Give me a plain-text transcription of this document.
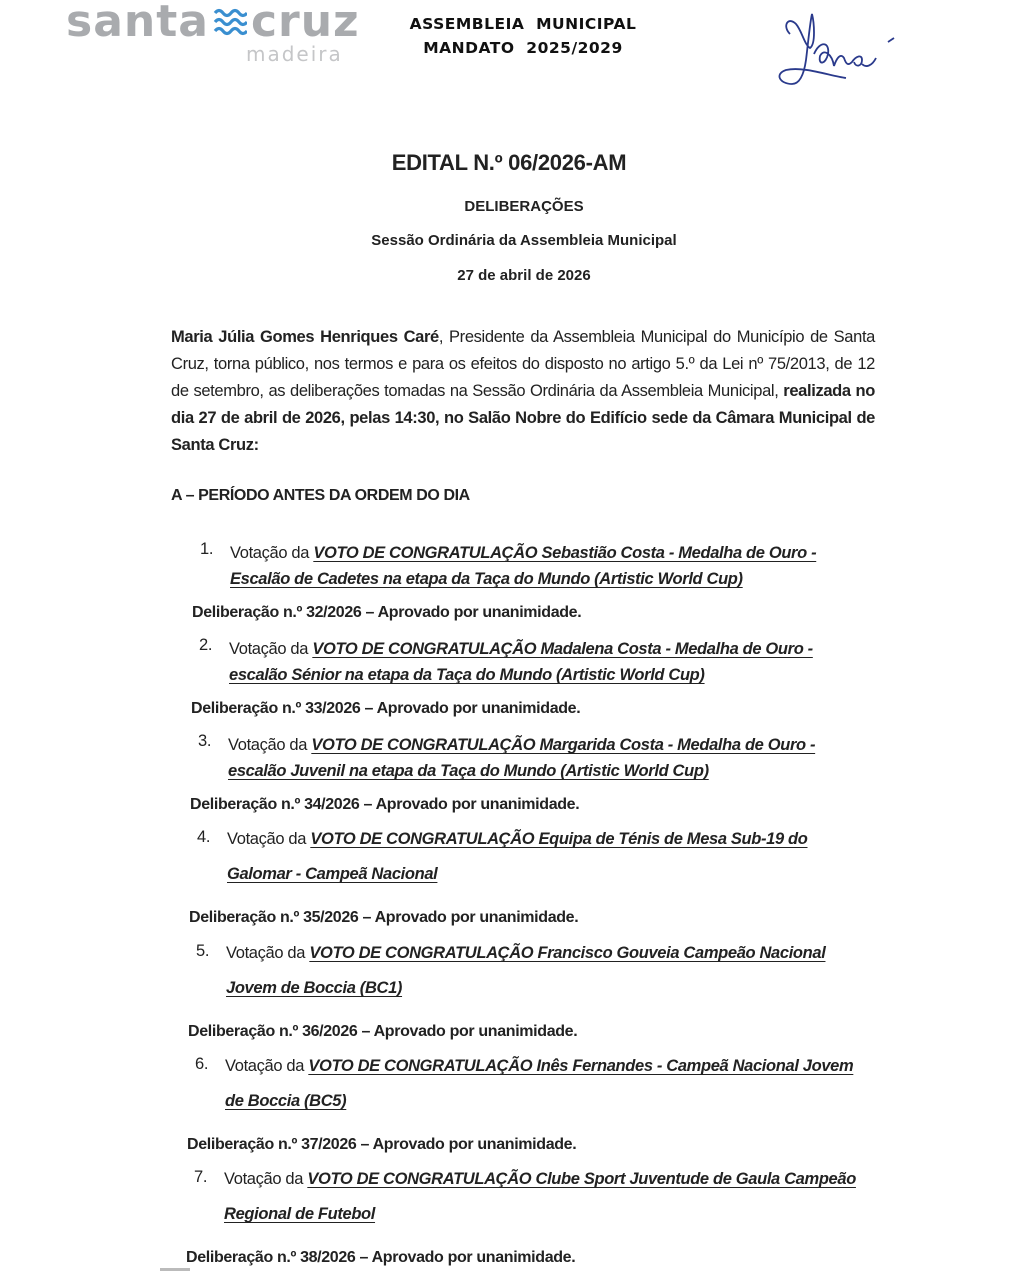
santa cruz
madeira
ASSEMBLEIA  MUNICIPAL
MANDATO  2025/2029
EDITAL N.º 06/2026-AM
DELIBERAÇÕES
Sessão Ordinária da Assembleia Municipal
27 de abril de 2026
Maria Júlia Gomes Henriques Caré, Presidente da Assembleia Municipal do Município de Santa Cruz, torna público, nos termos e para os efeitos do disposto no artigo 5.º da Lei nº 75/2013, de 12 de setembro, as deliberações tomadas na Sessão Ordinária da Assembleia Municipal, realizada no dia 27 de abril de 2026, pelas 14:30, no Salão Nobre do Edifício sede da Câmara Municipal de Santa Cruz:
A – PERÍODO ANTES DA ORDEM DO DIA
1. Votação da VOTO DE CONGRATULAÇÃO Sebastião Costa - Medalha de Ouro - Escalão de Cadetes na etapa da Taça do Mundo (Artistic World Cup)
Deliberação n.º 32/2026 – Aprovado por unanimidade.
2. Votação da VOTO DE CONGRATULAÇÃO Madalena Costa - Medalha de Ouro - escalão Sénior na etapa da Taça do Mundo (Artistic World Cup)
Deliberação n.º 33/2026 – Aprovado por unanimidade.
3. Votação da VOTO DE CONGRATULAÇÃO Margarida Costa - Medalha de Ouro - escalão Juvenil na etapa da Taça do Mundo (Artistic World Cup)
Deliberação n.º 34/2026 – Aprovado por unanimidade.
4. Votação da VOTO DE CONGRATULAÇÃO Equipa de Ténis de Mesa Sub-19 do Galomar - Campeã Nacional
Deliberação n.º 35/2026 – Aprovado por unanimidade.
5. Votação da VOTO DE CONGRATULAÇÃO Francisco Gouveia Campeão Nacional Jovem de Boccia (BC1)
Deliberação n.º 36/2026 – Aprovado por unanimidade.
6. Votação da VOTO DE CONGRATULAÇÃO Inês Fernandes - Campeã Nacional Jovem de Boccia (BC5)
Deliberação n.º 37/2026 – Aprovado por unanimidade.
7. Votação da VOTO DE CONGRATULAÇÃO Clube Sport Juventude de Gaula Campeão Regional de Futebol
Deliberação n.º 38/2026 – Aprovado por unanimidade.
